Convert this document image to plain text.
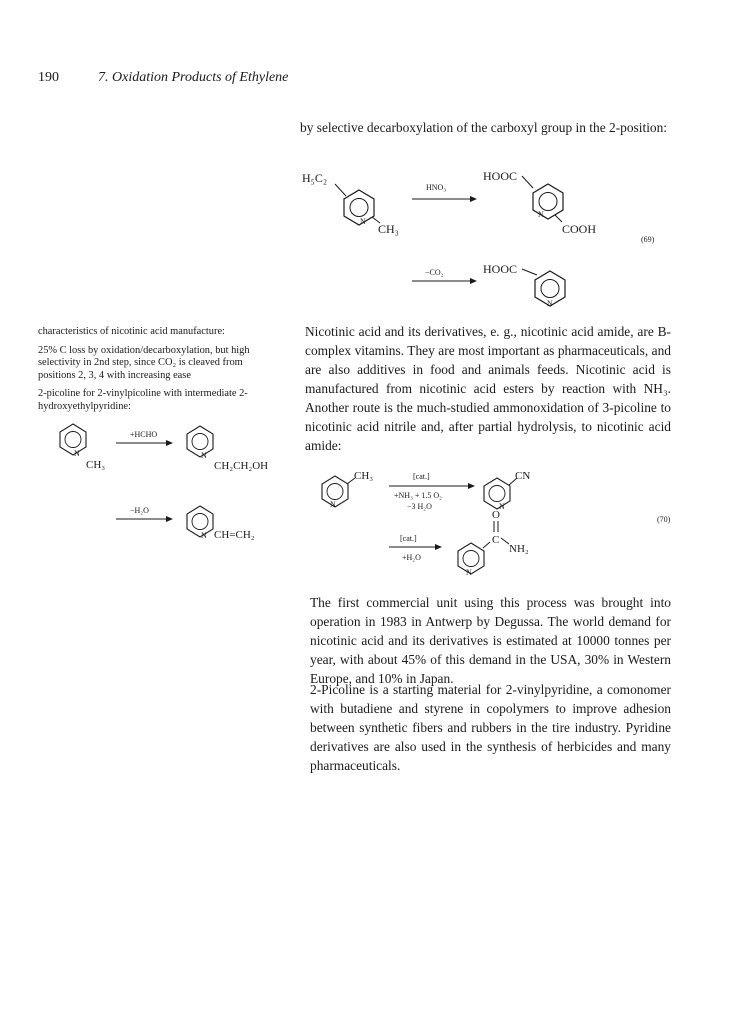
190	7. Oxidation Products of Ethylene
by selective decarboxylation of the carboxyl group in the 2-position:
N
H₅C₂
CH₃
HNO₃
HOOC
N
COOH
(69)
−CO₂	HOOC
N

characteristics of nicotinic acid manufacture:

25% C loss by oxidation/decarboxylation, but high selectivity in 2nd step, since CO₂ is cleaved from positions 2, 3, 4 with increasing ease

2-picoline for 2-vinylpicoline with intermediate 2-hydroxyethylpyridine:

N
CH₃
+HCHO
N
CH₂CH₂OH
−H₂O
N CH=CH₂
Nicotinic acid and its derivatives, e. g., nicotinic acid amide, are B-complex vitamins. They are most important as pharmaceuticals, and are also additives in food and animals feeds. Nicotinic acid is manufactured from nicotinic acid esters by reaction with NH₃. Another route is the much-studied ammonoxidation of 3-picoline to nicotinic acid nitrile and, after partial hydrolysis, to nicotinic acid amide:
N
CH₃	[cat.]
+NH₃ + 1.5 O₂
−3 H₂O	N
CN
O
C
NH₂
[cat.]
+H₂O
N
(70)
The first commercial unit using this process was brought into operation in 1983 in Antwerp by Degussa. The world demand for nicotinic acid and its derivatives is estimated at 10000 tonnes per year, with about 45% of this demand in the USA, 30% in Western Europe, and 10% in Japan.
2-Picoline is a starting material for 2-vinylpyridine, a comonomer with butadiene and styrene in copolymers to improve adhesion between synthetic fibers and rubbers in the tire industry. Pyridine derivatives are also used in the synthesis of herbicides and many pharmaceuticals.
